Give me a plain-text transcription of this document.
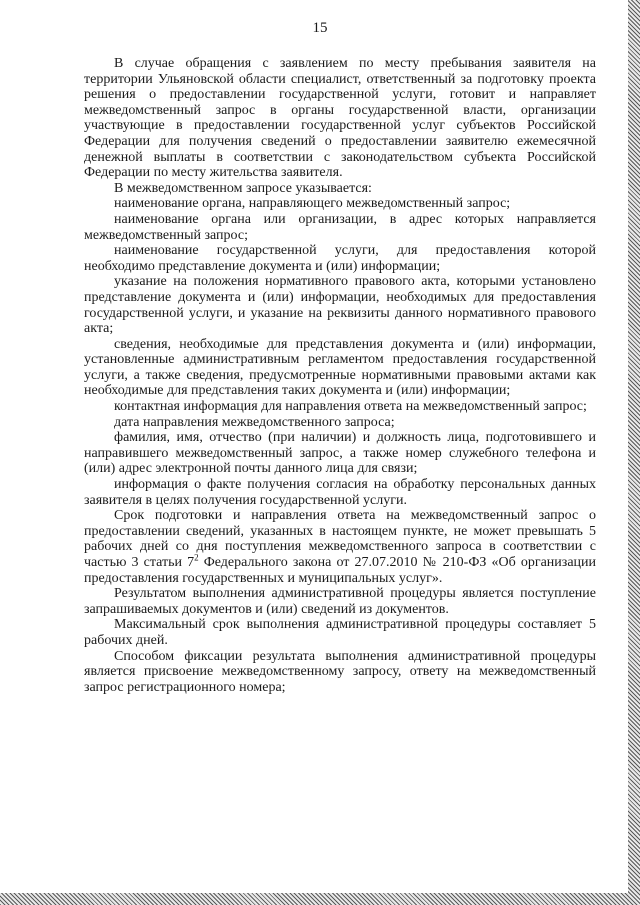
15

В случае обращения с заявлением по месту пребывания заявителя на территории Ульяновской области специалист, ответственный за подготовку проекта решения о предоставлении государственной услуги, готовит и направляет межведомственный запрос в органы государственной власти, организации участвующие в предоставлении государственной услуг субъектов Российской Федерации для получения сведений о предоставлении заявителю ежемесячной денежной выплаты в соответствии с законодательством субъекта Российской Федерации по месту жительства заявителя.

В межведомственном запросе указывается:

наименование органа, направляющего межведомственный запрос;

наименование органа или организации, в адрес которых направляется межведомственный запрос;

наименование государственной услуги, для предоставления которой необходимо представление документа и (или) информации;

указание на положения нормативного правового акта, которыми установлено представление документа и (или) информации, необходимых для предоставления государственной услуги, и указание на реквизиты данного нормативного правового акта;

сведения, необходимые для представления документа и (или) информации, установленные административным регламентом предоставления государственной услуги, а также сведения, предусмотренные нормативными правовыми актами как необходимые для представления таких документа и (или) информации;

контактная информация для направления ответа на межведомственный запрос;

дата направления межведомственного запроса;

фамилия, имя, отчество (при наличии) и должность лица, подготовившего и направившего межведомственный запрос, а также номер служебного телефона и (или) адрес электронной почты данного лица для связи;

информация о факте получения согласия на обработку персональных данных заявителя в целях получения государственной услуги.

Срок подготовки и направления ответа на межведомственный запрос о предоставлении сведений, указанных в настоящем пункте, не может превышать 5 рабочих дней со дня поступления межведомственного запроса в соответствии с частью 3 статьи $7^2$ Федерального закона от 27.07.2010 № 210-ФЗ «Об организации предоставления государственных и муниципальных услуг».

Результатом выполнения административной процедуры является поступление запрашиваемых документов и (или) сведений из документов.

Максимальный срок выполнения административной процедуры составляет 5 рабочих дней.

Способом фиксации результата выполнения административной процедуры является присвоение межведомственному запросу, ответу на межведомственный запрос регистрационного номера;
